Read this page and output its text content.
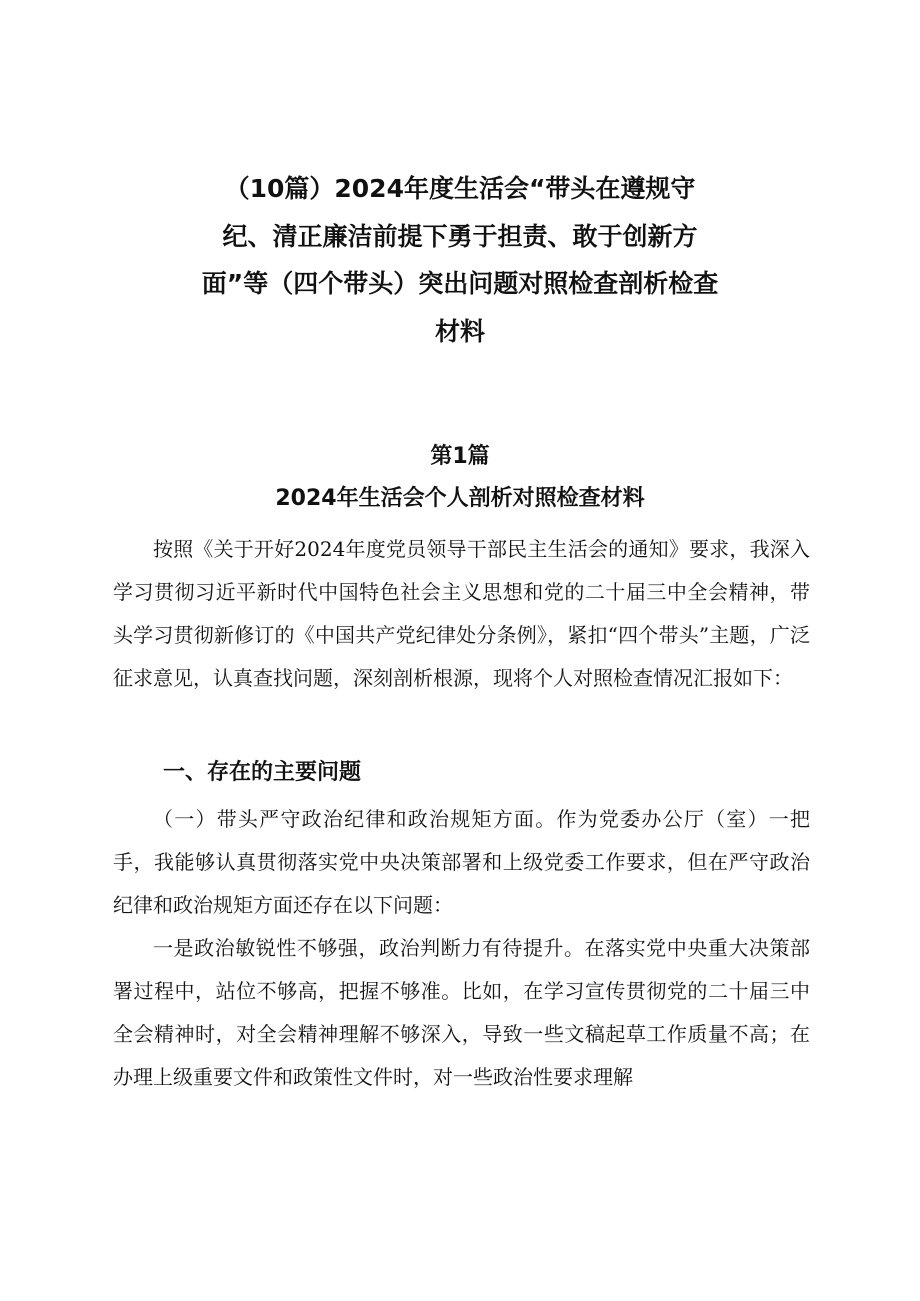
（10篇）2024年度生活会“带头在遵规守纪、清正廉洁前提下勇于担责、敢于创新方面”等（四个带头）突出问题对照检查剖析检查材料
第1篇
2024年生活会个人剖析对照检查材料

按照《关于开好2024年度党员领导干部民主生活会的通知》要求，我深入学习贯彻习近平新时代中国特色社会主义思想和党的二十届三中全会精神，带头学习贯彻新修订的《中国共产党纪律处分条例》，紧扣“四个带头”主题，广泛征求意见，认真查找问题，深刻剖析根源，现将个人对照检查情况汇报如下：

一、存在的主要问题

（一）带头严守政治纪律和政治规矩方面。作为党委办公厅（室）一把手，我能够认真贯彻落实党中央决策部署和上级党委工作要求，但在严守政治纪律和政治规矩方面还存在以下问题：

一是政治敏锐性不够强，政治判断力有待提升。在落实党中央重大决策部署过程中，站位不够高，把握不够准。比如，在学习宣传贯彻党的二十届三中全会精神时，对全会精神理解不够深入，导致一些文稿起草工作质量不高；在办理上级重要文件和政策性文件时，对一些政治性要求理解
